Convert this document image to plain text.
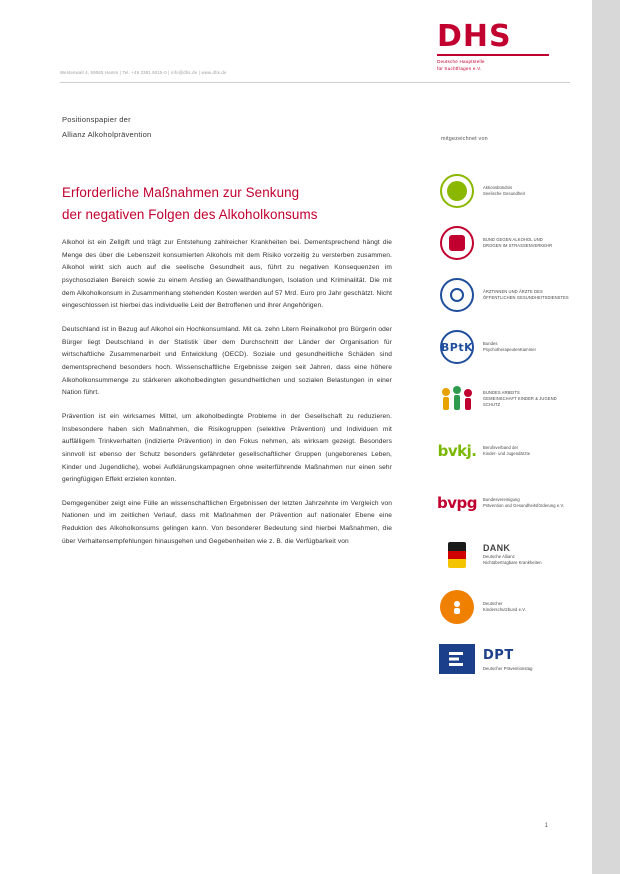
DHS
Deutsche Hauptstelle
für Suchtfragen e.V.
Westenwall 4, 59065 Hamm | Tel. +49 2381 9015-0 | info@dhs.de | www.dhs.de
Positionspapier der
Allianz Alkoholprävention
Erforderliche Maßnahmen zur Senkung
der negativen Folgen des Alkoholkonsums

Alkohol ist ein Zellgift und trägt zur Entstehung zahlreicher Krankheiten bei. Dementsprechend hängt die Menge des über die Lebenszeit konsumierten Alkohols mit dem Risiko vorzeitig zu versterben zusammen. Alkohol wirkt sich auch auf die seelische Gesundheit aus, führt zu negativen Konsequenzen im psychosozialen Bereich sowie zu einem Anstieg an Gewalthandlungen, Isolation und Kriminalität. Die mit dem Alkoholkonsum in Zusammenhang stehenden Kosten werden auf 57 Mrd. Euro pro Jahr geschätzt. Nicht eingeschlossen ist hierbei das individuelle Leid der Betroffenen und ihrer Angehörigen.

Deutschland ist in Bezug auf Alkohol ein Hochkonsumland. Mit ca. zehn Litern Reinalkohol pro Bürgerin oder Bürger liegt Deutschland in der Statistik über dem Durchschnitt der Länder der Organisation für wirtschaftliche Zusammenarbeit und Entwicklung (OECD). Soziale und gesundheitliche Schäden sind dementsprechend besonders hoch. Wissenschaftliche Ergebnisse zeigen seit Jahren, dass eine höhere Alkoholkonsummenge zu stärkeren alkoholbedingten gesundheitlichen und sozialen Belastungen in einer Nation führt.

Prävention ist ein wirksames Mittel, um alkoholbedingte Probleme in der Gesellschaft zu reduzieren. Insbesondere haben sich Maßnahmen, die Risikogruppen (selektive Prävention) und Individuen mit auffälligem Trinkverhalten (indizierte Prävention) in den Fokus nehmen, als wirksam gezeigt. Besonders sinnvoll ist ebenso der Schutz besonders gefährdeter gesellschaftlicher Gruppen (ungeborenes Leben, Kinder und Jugendliche), wobei Aufklärungskampagnen ohne weiterführende Maßnahmen nur einen sehr geringfügigen Effekt erzielen konnten.

Demgegenüber zeigt eine Fülle an wissenschaftlichen Ergebnissen der letzten Jahrzehnte im Vergleich von Nationen und im zeitlichen Verlauf, dass mit Maßnahmen der Prävention auf nationaler Ebene eine Reduktion des Alkoholkonsums gelingen kann. Von besonderer Bedeutung sind hierbei Maßnahmen, die über Verhaltensempfehlungen hinausgehen und Gegebenheiten wie z. B. die Verfügbarkeit von

mitgezeichnet von
Aktionsbündnis
Seelische Gesundheit
BUND GEGEN ALKOHOL UND
DROGEN IM STRASSENVERKEHR
ÄRZTINNEN UND ÄRZTE DES
ÖFFENTLICHEN GESUNDHEITSDIENSTES
BPtK Bundes
PsychotherapeutenKammer
BUNDES ARBEITS
GEMEINSCHAFT KINDER & JUGEND SCHUTZ
bvkj. Berufsverband der
Kinder- und Jugendärzte
bvpg Bundesvereinigung
Prävention und Gesundheitsförderung e.V.
DANK
Deutsche Allianz
Nichtübertragbare Krankheiten
Deutscher
Kinderschutzbund e.V.
DPT
Deutscher Präventionstag
1
